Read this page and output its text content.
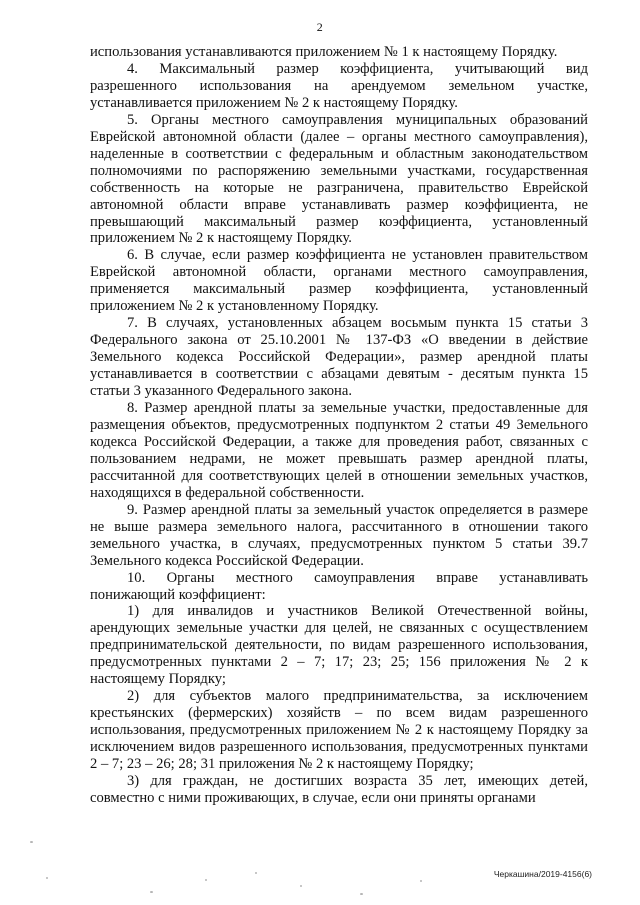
2

использования устанавливаются приложением № 1 к настоящему Порядку.

4. Максимальный размер коэффициента, учитывающий вид разрешенного использования на арендуемом земельном участке, устанавливается приложением № 2 к настоящему Порядку.

5. Органы местного самоуправления муниципальных образований Еврейской автономной области (далее – органы местного самоуправления), наделенные в соответствии с федеральным и областным законодательством полномочиями по распоряжению земельными участками, государственная собственность на которые не разграничена, правительство Еврейской автономной области вправе устанавливать размер коэффициента, не превышающий максимальный размер коэффициента, установленный приложением № 2 к настоящему Порядку.

6. В случае, если размер коэффициента не установлен правительством Еврейской автономной области, органами местного самоуправления, применяется максимальный размер коэффициента, установленный приложением № 2 к установленному Порядку.

7. В случаях, установленных абзацем восьмым пункта 15 статьи 3 Федерального закона от 25.10.2001 № 137-ФЗ «О введении в действие Земельного кодекса Российской Федерации», размер арендной платы устанавливается в соответствии с абзацами девятым - десятым пункта 15 статьи 3 указанного Федерального закона.

8. Размер арендной платы за земельные участки, предоставленные для размещения объектов, предусмотренных подпунктом 2 статьи 49 Земельного кодекса Российской Федерации, а также для проведения работ, связанных с пользованием недрами, не может превышать размер арендной платы, рассчитанной для соответствующих целей в отношении земельных участков, находящихся в федеральной собственности.

9. Размер арендной платы за земельный участок определяется в размере не выше размера земельного налога, рассчитанного в отношении такого земельного участка, в случаях, предусмотренных пунктом 5 статьи 39.7 Земельного кодекса Российской Федерации.

10. Органы местного самоуправления вправе устанавливать понижающий коэффициент:

1) для инвалидов и участников Великой Отечественной войны, арендующих земельные участки для целей, не связанных с осуществлением предпринимательской деятельности, по видам разрешенного использования, предусмотренных пунктами 2 – 7; 17; 23; 25; 156 приложения № 2 к настоящему Порядку;

2) для субъектов малого предпринимательства, за исключением крестьянских (фермерских) хозяйств – по всем видам разрешенного использования, предусмотренных приложением № 2 к настоящему Порядку за исключением видов разрешенного использования, предусмотренных пунктами 2 – 7; 23 – 26; 28; 31 приложения № 2 к настоящему Порядку;

3) для граждан, не достигших возраста 35 лет, имеющих детей, совместно с ними проживающих, в случае, если они приняты органами

Черкашина/2019-4156(6)
